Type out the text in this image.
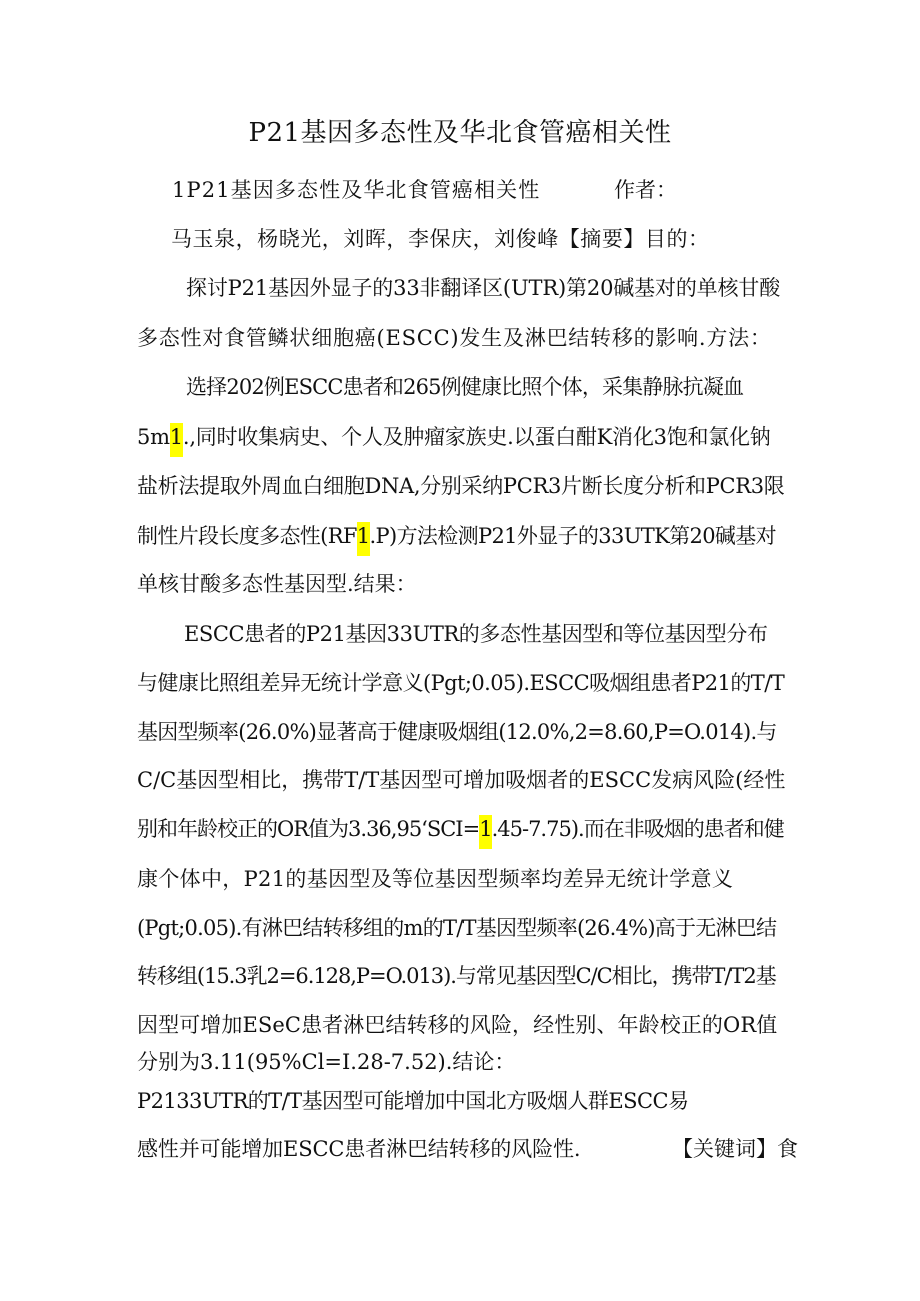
P21基因多态性及华北食管癌相关性
1P21基因多态性及华北食管癌相关性	作者：
马玉泉，杨晓光，刘晖，李保庆，刘俊峰【摘要】目的：
探讨P21基因外显子的33非翻译区(UTR)第20碱基对的单核甘酸
多态性对食管鳞状细胞癌(ESCC)发生及淋巴结转移的影响.方法：
选择202例ESCC患者和265例健康比照个体，采集静脉抗凝血
5m1.,同时收集病史、个人及肿瘤家族史.以蛋白酣K消化3饱和氯化钠
盐析法提取外周血白细胞DNA,分别采纳PCR3片断长度分析和PCR3限
制性片段长度多态性(RF1.P)方法检测P21外显子的33UTK第20碱基对
单核甘酸多态性基因型.结果：
ESCC患者的P21基因33UTR的多态性基因型和等位基因型分布
与健康比照组差异无统计学意义(Pgt;0.05).ESCC吸烟组患者P21的T/T
基因型频率(26.0%)显著高于健康吸烟组(12.0%,2=8.60,P=O.014).与
C/C基因型相比，携带T/T基因型可增加吸烟者的ESCC发病风险(经性
别和年龄校正的OR值为3.36,95‘SCI=1.45-7.75).而在非吸烟的患者和健
康个体中，P21的基因型及等位基因型频率均差异无统计学意义
(Pgt;0.05).有淋巴结转移组的m的T/T基因型频率(26.4%)高于无淋巴结
转移组(15.3乳2=6.128,P=O.013).与常见基因型C/C相比，携带T/T2基
因型可增加ESeC患者淋巴结转移的风险，经性别、年龄校正的OR值
分别为3.11(95%Cl=I.28-7.52).结论：
P2133UTR的T/T基因型可能增加中国北方吸烟人群ESCC易
感性并可能增加ESCC患者淋巴结转移的风险性.	【关键词】食
